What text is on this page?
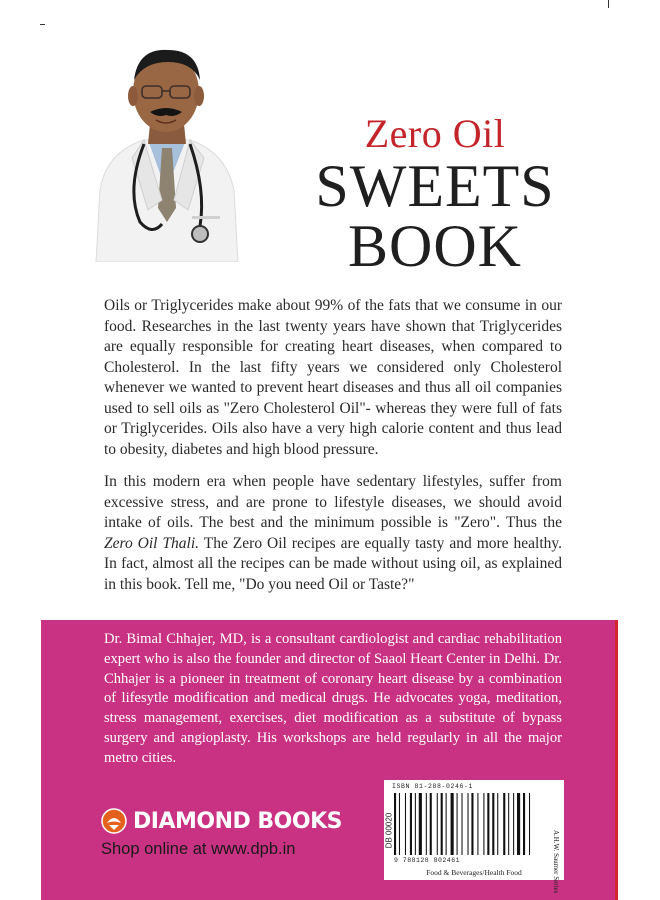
Zero Oil
SWEETS
BOOK

Oils or Triglycerides make about 99% of the fats that we consume in our food. Researches in the last twenty years have shown that Triglycerides are equally responsible for creating heart diseases, when compared to Cholesterol. In the last fifty years we considered only Cholesterol whenever we wanted to prevent heart diseases and thus all oil companies used to sell oils as "Zero Cholesterol Oil"- whereas they were full of fats or Triglycerides. Oils also have a very high calorie content and thus lead to obesity, diabetes and high blood pressure.

In this modern era when people have sedentary lifestyles, suffer from excessive stress, and are prone to lifestyle diseases, we should avoid intake of oils. The best and the minimum possible is "Zero". Thus the Zero Oil Thali. The Zero Oil recipes are equally tasty and more healthy. In fact, almost all the recipes can be made without using oil, as explained in this book. Tell me, "Do you need Oil or Taste?"

Dr. Bimal Chhajer, MD, is a consultant cardiologist and cardiac rehabilitation expert who is also the founder and director of Saaol Heart Center in Delhi. Dr. Chhajer is a pioneer in treatment of coronary heart disease by a combination of lifesytle modification and medical drugs. He advocates yoga, meditation, stress management, exercises, diet modification as a substitute of bypass surgery and angioplasty. His workshops are held regularly in all the major metro cities.
DIAMOND BOOKS
Shop online at www.dpb.in
ISBN 81-288-0246-1
DB 00020
9 788128 802461
Food & Beverages/Health Food	A.H.W. Saumer Series
